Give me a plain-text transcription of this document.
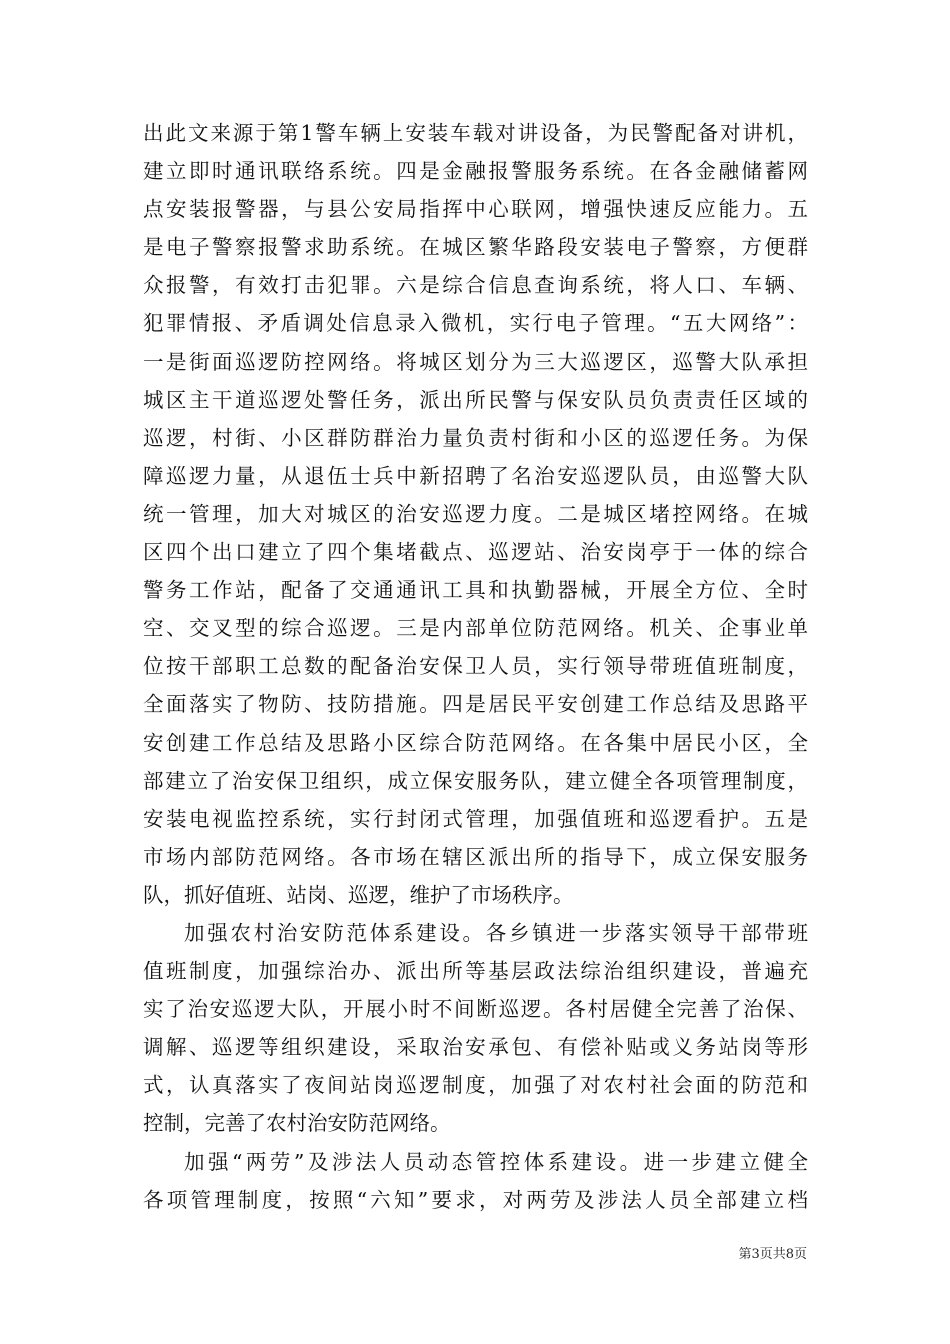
出此文来源于第1警车辆上安装车载对讲设备，为民警配备对讲机，
建立即时通讯联络系统。四是金融报警服务系统。在各金融储蓄网
点安装报警器，与县公安局指挥中心联网，增强快速反应能力。五
是电子警察报警求助系统。在城区繁华路段安装电子警察，方便群
众报警，有效打击犯罪。六是综合信息查询系统，将人口、车辆、
犯罪情报、矛盾调处信息录入微机，实行电子管理。“五大网络”：
一是街面巡逻防控网络。将城区划分为三大巡逻区，巡警大队承担
城区主干道巡逻处警任务，派出所民警与保安队员负责责任区域的
巡逻，村街、小区群防群治力量负责村街和小区的巡逻任务。为保
障巡逻力量，从退伍士兵中新招聘了名治安巡逻队员，由巡警大队
统一管理，加大对城区的治安巡逻力度。二是城区堵控网络。在城
区四个出口建立了四个集堵截点、巡逻站、治安岗亭于一体的综合
警务工作站，配备了交通通讯工具和执勤器械，开展全方位、全时
空、交叉型的综合巡逻。三是内部单位防范网络。机关、企事业单
位按干部职工总数的配备治安保卫人员，实行领导带班值班制度，
全面落实了物防、技防措施。四是居民平安创建工作总结及思路平
安创建工作总结及思路小区综合防范网络。在各集中居民小区，全
部建立了治安保卫组织，成立保安服务队，建立健全各项管理制度，
安装电视监控系统，实行封闭式管理，加强值班和巡逻看护。五是
市场内部防范网络。各市场在辖区派出所的指导下，成立保安服务
队，抓好值班、站岗、巡逻，维护了市场秩序。
加强农村治安防范体系建设。各乡镇进一步落实领导干部带班
值班制度，加强综治办、派出所等基层政法综治组织建设，普遍充
实了治安巡逻大队，开展小时不间断巡逻。各村居健全完善了治保、
调解、巡逻等组织建设，采取治安承包、有偿补贴或义务站岗等形
式，认真落实了夜间站岗巡逻制度，加强了对农村社会面的防范和
控制，完善了农村治安防范网络。
加强“两劳”及涉法人员动态管控体系建设。进一步建立健全
各项管理制度，按照“六知”要求，对两劳及涉法人员全部建立档
第3页共8页
